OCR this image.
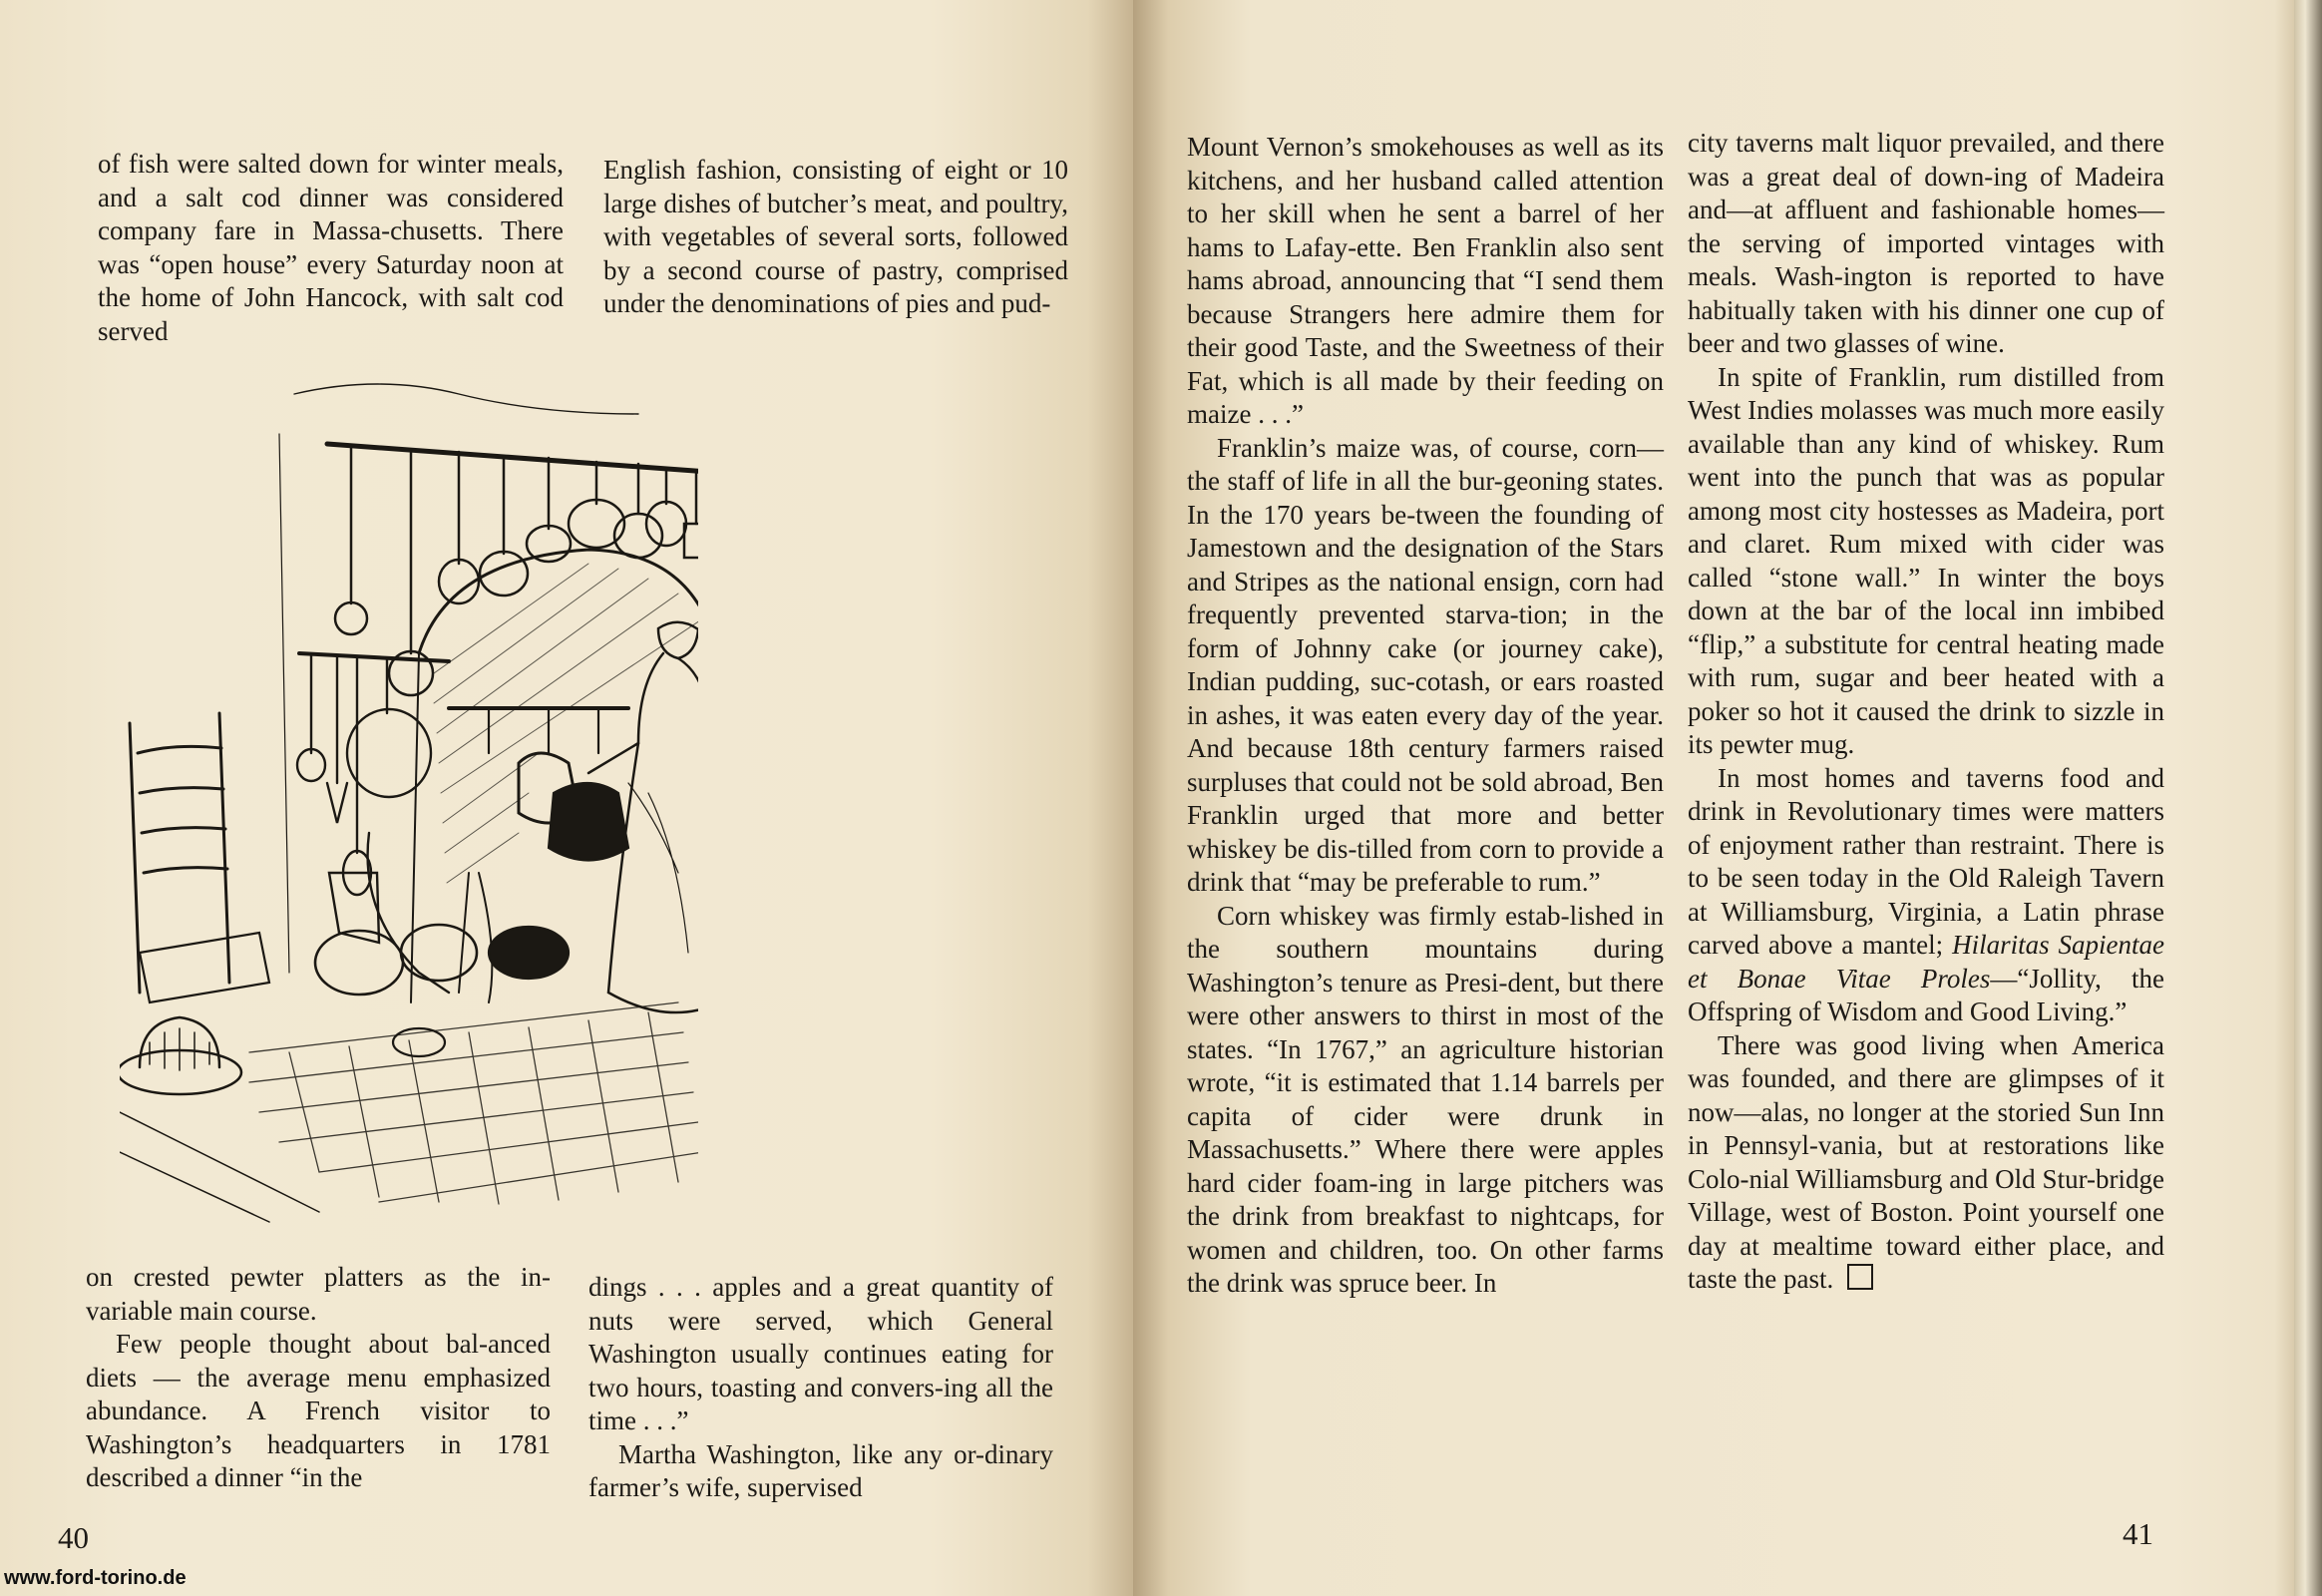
of fish were salted down for winter meals, and a salt cod dinner was considered company fare in Massa-chusetts. There was “open house” every Saturday noon at the home of John Hancock, with salt cod served

English fashion, consisting of eight or 10 large dishes of butcher’s meat, and poultry, with vegetables of several sorts, followed by a second course of pastry, comprised under the denominations of pies and pud-

on crested pewter platters as the in-variable main course.

Few people thought about bal-anced diets — the average menu emphasized abundance. A French visitor to Washington’s headquarters in 1781 described a dinner “in the

dings . . . apples and a great quantity of nuts were served, which General Washington usually continues eating for two hours, toasting and convers-ing all the time . . .”

Martha Washington, like any or-dinary farmer’s wife, supervised

40
www.ford-torino.de

Mount Vernon’s smokehouses as well as its kitchens, and her husband called attention to her skill when he sent a barrel of her hams to Lafay-ette. Ben Franklin also sent hams abroad, announcing that “I send them because Strangers here admire them for their good Taste, and the Sweetness of their Fat, which is all made by their feeding on maize . . .”

Franklin’s maize was, of course, corn—the staff of life in all the bur-geoning states. In the 170 years be-tween the founding of Jamestown and the designation of the Stars and Stripes as the national ensign, corn had frequently prevented starva-tion; in the form of Johnny cake (or journey cake), Indian pudding, suc-cotash, or ears roasted in ashes, it was eaten every day of the year. And because 18th century farmers raised surpluses that could not be sold abroad, Ben Franklin urged that more and better whiskey be dis-tilled from corn to provide a drink that “may be preferable to rum.”

Corn whiskey was firmly estab-lished in the southern mountains during Washington’s tenure as Presi-dent, but there were other answers to thirst in most of the states. “In 1767,” an agriculture historian wrote, “it is estimated that 1.14 barrels per capita of cider were drunk in Massachusetts.” Where there were apples hard cider foam-ing in large pitchers was the drink from breakfast to nightcaps, for women and children, too. On other farms the drink was spruce beer. In

city taverns malt liquor prevailed, and there was a great deal of down-ing of Madeira and—at affluent and fashionable homes—the serving of imported vintages with meals. Wash-ington is reported to have habitually taken with his dinner one cup of beer and two glasses of wine.

In spite of Franklin, rum distilled from West Indies molasses was much more easily available than any kind of whiskey. Rum went into the punch that was as popular among most city hostesses as Madeira, port and claret. Rum mixed with cider was called “stone wall.” In winter the boys down at the bar of the local inn imbibed “flip,” a substitute for central heating made with rum, sugar and beer heated with a poker so hot it caused the drink to sizzle in its pewter mug.

In most homes and taverns food and drink in Revolutionary times were matters of enjoyment rather than restraint. There is to be seen today in the Old Raleigh Tavern at Williamsburg, Virginia, a Latin phrase carved above a mantel; Hilaritas Sapientae et Bonae Vitae Proles—“Jollity, the Offspring of Wisdom and Good Living.”

There was good living when America was founded, and there are glimpses of it now—alas, no longer at the storied Sun Inn in Pennsyl-vania, but at restorations like Colo-nial Williamsburg and Old Stur-bridge Village, west of Boston. Point yourself one day at mealtime toward either place, and taste the past.

41
